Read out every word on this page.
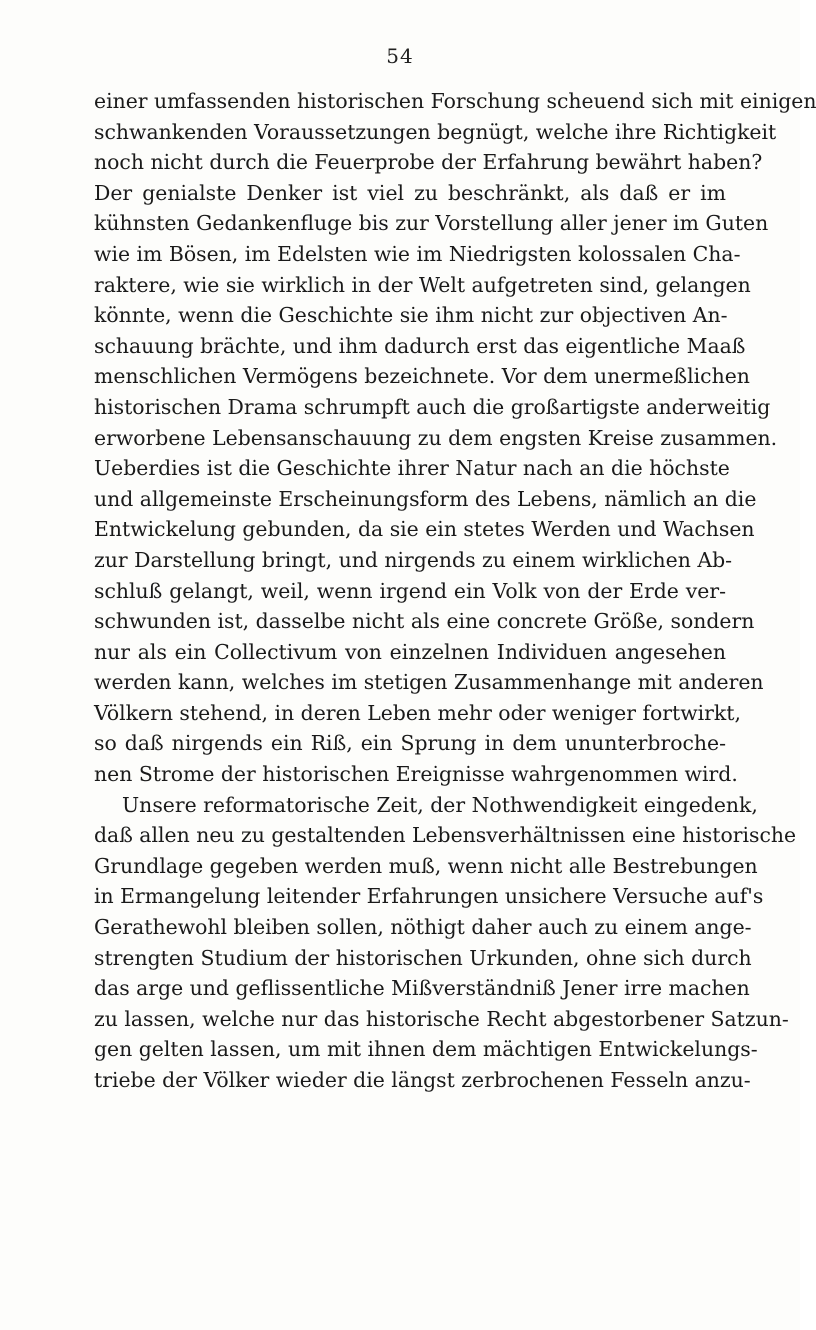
54
einer umfassenden historischen Forschung scheuend sich mit einigen
schwankenden Voraussetzungen begnügt, welche ihre Richtigkeit
noch nicht durch die Feuerprobe der Erfahrung bewährt haben?
Der genialste Denker ist viel zu beschränkt, als daß er im
kühnsten Gedankenfluge bis zur Vorstellung aller jener im Guten
wie im Bösen, im Edelsten wie im Niedrigsten kolossalen Cha-
raktere, wie sie wirklich in der Welt aufgetreten sind, gelangen
könnte, wenn die Geschichte sie ihm nicht zur objectiven An-
schauung brächte, und ihm dadurch erst das eigentliche Maaß
menschlichen Vermögens bezeichnete. Vor dem unermeßlichen
historischen Drama schrumpft auch die großartigste anderweitig
erworbene Lebensanschauung zu dem engsten Kreise zusammen.
Ueberdies ist die Geschichte ihrer Natur nach an die höchste
und allgemeinste Erscheinungsform des Lebens, nämlich an die
Entwickelung gebunden, da sie ein stetes Werden und Wachsen
zur Darstellung bringt, und nirgends zu einem wirklichen Ab-
schluß gelangt, weil, wenn irgend ein Volk von der Erde ver-
schwunden ist, dasselbe nicht als eine concrete Größe, sondern
nur als ein Collectivum von einzelnen Individuen angesehen
werden kann, welches im stetigen Zusammenhange mit anderen
Völkern stehend, in deren Leben mehr oder weniger fortwirkt,
so daß nirgends ein Riß, ein Sprung in dem ununterbroche-
nen Strome der historischen Ereignisse wahrgenommen wird.
Unsere reformatorische Zeit, der Nothwendigkeit eingedenk,
daß allen neu zu gestaltenden Lebensverhältnissen eine historische
Grundlage gegeben werden muß, wenn nicht alle Bestrebungen
in Ermangelung leitender Erfahrungen unsichere Versuche auf's
Gerathewohl bleiben sollen, nöthigt daher auch zu einem ange-
strengten Studium der historischen Urkunden, ohne sich durch
das arge und geflissentliche Mißverständniß Jener irre machen
zu lassen, welche nur das historische Recht abgestorbener Satzun-
gen gelten lassen, um mit ihnen dem mächtigen Entwickelungs-
triebe der Völker wieder die längst zerbrochenen Fesseln anzu-
